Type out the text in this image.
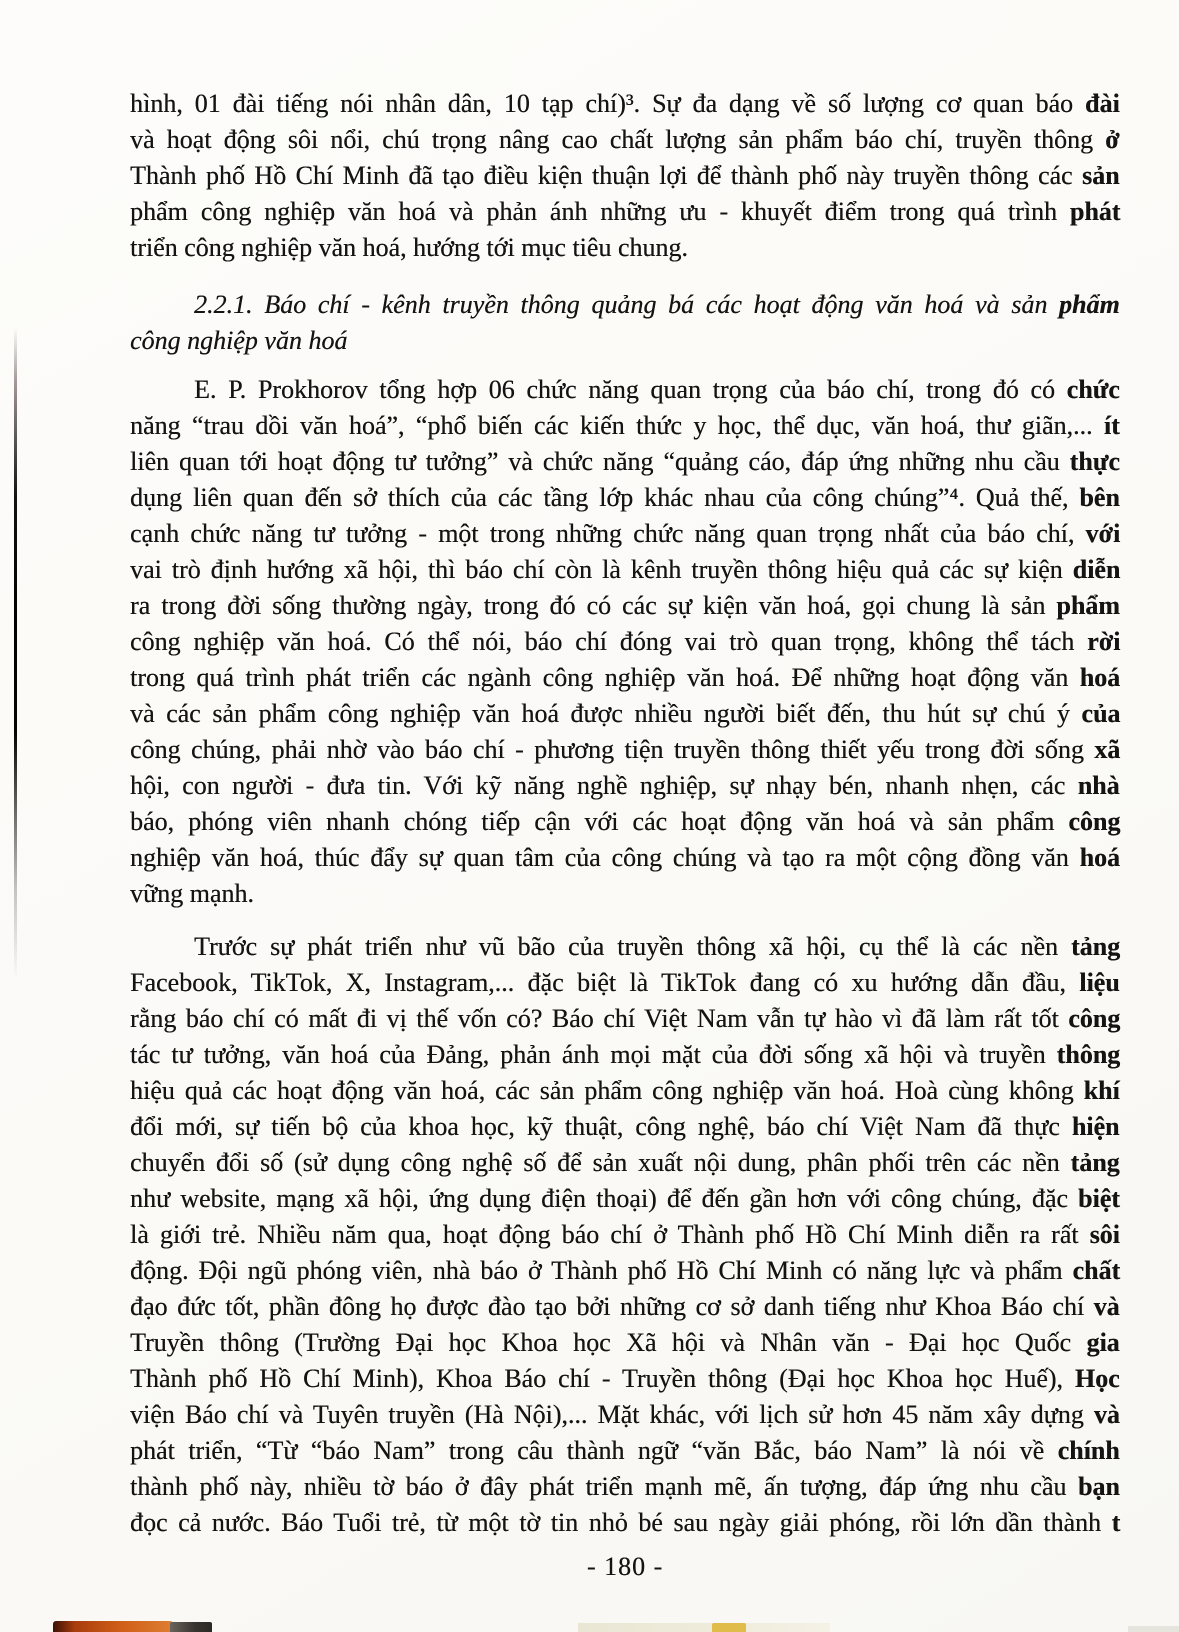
hình, 01 đài tiếng nói nhân dân, 10 tạp chí)³. Sự đa dạng về số lượng cơ quan báo đài
và hoạt động sôi nổi, chú trọng nâng cao chất lượng sản phẩm báo chí, truyền thông ở
Thành phố Hồ Chí Minh đã tạo điều kiện thuận lợi để thành phố này truyền thông các sản
phẩm công nghiệp văn hoá và phản ánh những ưu - khuyết điểm trong quá trình phát
triển công nghiệp văn hoá, hướng tới mục tiêu chung.
2.2.1. Báo chí - kênh truyền thông quảng bá các hoạt động văn hoá và sản phẩm
công nghiệp văn hoá
E. P. Prokhorov tổng hợp 06 chức năng quan trọng của báo chí, trong đó có chức
năng “trau dồi văn hoá”, “phổ biến các kiến thức y học, thể dục, văn hoá, thư giãn,... ít
liên quan tới hoạt động tư tưởng” và chức năng “quảng cáo, đáp ứng những nhu cầu thực
dụng liên quan đến sở thích của các tầng lớp khác nhau của công chúng”⁴. Quả thế, bên
cạnh chức năng tư tưởng - một trong những chức năng quan trọng nhất của báo chí, với
vai trò định hướng xã hội, thì báo chí còn là kênh truyền thông hiệu quả các sự kiện diễn
ra trong đời sống thường ngày, trong đó có các sự kiện văn hoá, gọi chung là sản phẩm
công nghiệp văn hoá. Có thể nói, báo chí đóng vai trò quan trọng, không thể tách rời
trong quá trình phát triển các ngành công nghiệp văn hoá. Để những hoạt động văn hoá
và các sản phẩm công nghiệp văn hoá được nhiều người biết đến, thu hút sự chú ý của
công chúng, phải nhờ vào báo chí - phương tiện truyền thông thiết yếu trong đời sống xã
hội, con người - đưa tin. Với kỹ năng nghề nghiệp, sự nhạy bén, nhanh nhẹn, các nhà
báo, phóng viên nhanh chóng tiếp cận với các hoạt động văn hoá và sản phẩm công
nghiệp văn hoá, thúc đẩy sự quan tâm của công chúng và tạo ra một cộng đồng văn hoá
vững mạnh.
Trước sự phát triển như vũ bão của truyền thông xã hội, cụ thể là các nền tảng
Facebook, TikTok, X, Instagram,... đặc biệt là TikTok đang có xu hướng dẫn đầu, liệu
rằng báo chí có mất đi vị thế vốn có? Báo chí Việt Nam vẫn tự hào vì đã làm rất tốt công
tác tư tưởng, văn hoá của Đảng, phản ánh mọi mặt của đời sống xã hội và truyền thông
hiệu quả các hoạt động văn hoá, các sản phẩm công nghiệp văn hoá. Hoà cùng không khí
đổi mới, sự tiến bộ của khoa học, kỹ thuật, công nghệ, báo chí Việt Nam đã thực hiện
chuyển đổi số (sử dụng công nghệ số để sản xuất nội dung, phân phối trên các nền tảng
như website, mạng xã hội, ứng dụng điện thoại) để đến gần hơn với công chúng, đặc biệt
là giới trẻ. Nhiều năm qua, hoạt động báo chí ở Thành phố Hồ Chí Minh diễn ra rất sôi
động. Đội ngũ phóng viên, nhà báo ở Thành phố Hồ Chí Minh có năng lực và phẩm chất
đạo đức tốt, phần đông họ được đào tạo bởi những cơ sở danh tiếng như Khoa Báo chí và
Truyền thông (Trường Đại học Khoa học Xã hội và Nhân văn - Đại học Quốc gia
Thành phố Hồ Chí Minh), Khoa Báo chí - Truyền thông (Đại học Khoa học Huế), Học
viện Báo chí và Tuyên truyền (Hà Nội),... Mặt khác, với lịch sử hơn 45 năm xây dựng và
phát triển, “Từ “báo Nam” trong câu thành ngữ “văn Bắc, báo Nam” là nói về chính
thành phố này, nhiều tờ báo ở đây phát triển mạnh mẽ, ấn tượng, đáp ứng nhu cầu bạn
đọc cả nước. Báo Tuổi trẻ, từ một tờ tin nhỏ bé sau ngày giải phóng, rồi lớn dần thành t
- 180 -
